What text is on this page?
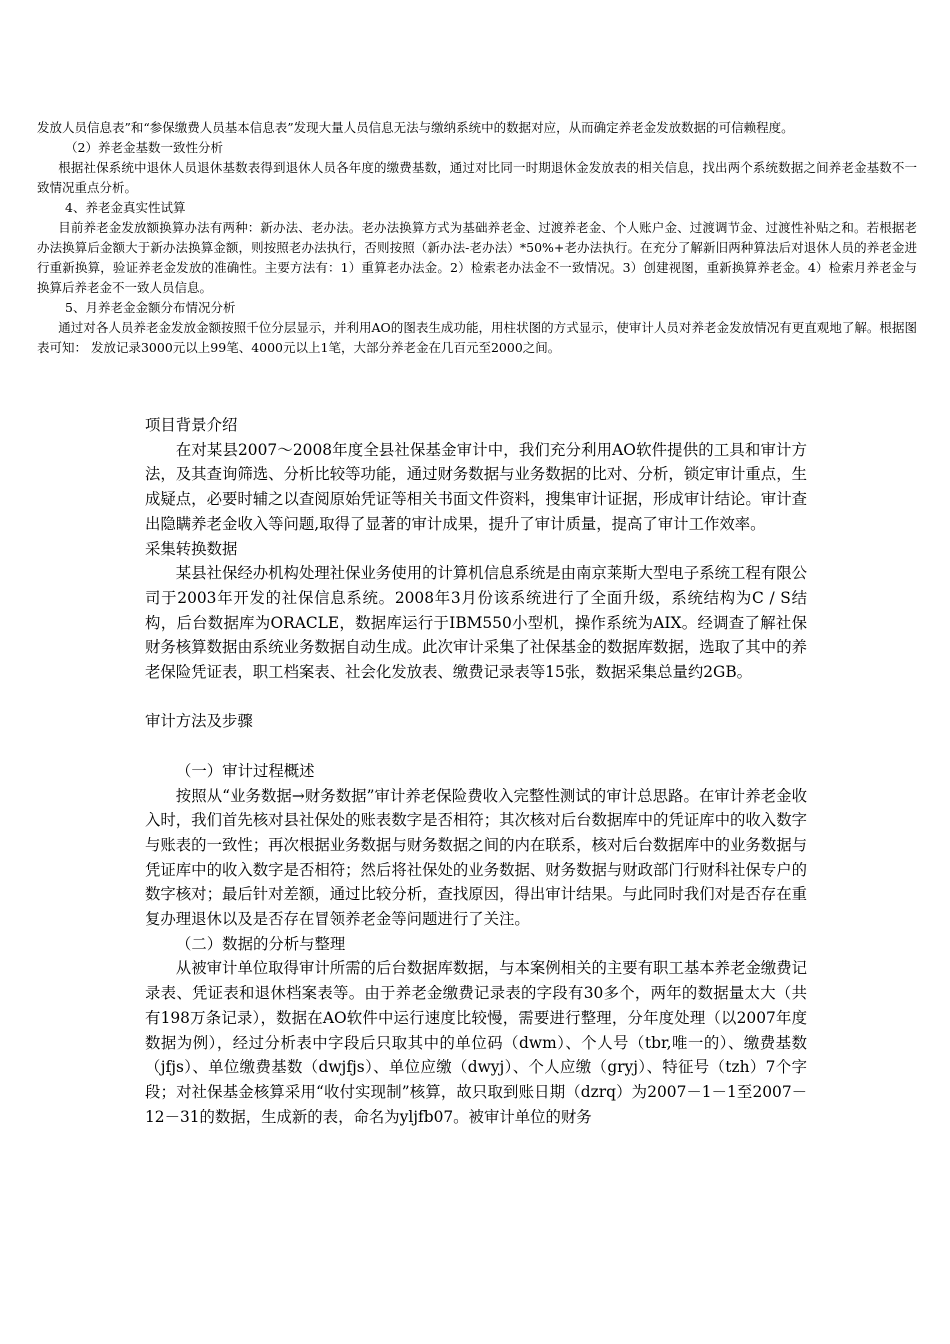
发放人员信息表”和“参保缴费人员基本信息表”发现大量人员信息无法与缴纳系统中的数据对应，从而确定养老金发放数据的可信赖程度。

（2）养老金基数一致性分析

根据社保系统中退休人员退休基数表得到退休人员各年度的缴费基数，通过对比同一时期退休金发放表的相关信息，找出两个系统数据之间养老金基数不一致情况重点分析。

4、养老金真实性试算

目前养老金发放额换算办法有两种：新办法、老办法。老办法换算方式为基础养老金、过渡养老金、个人账户金、过渡调节金、过渡性补贴之和。若根据老办法换算后金额大于新办法换算金额，则按照老办法执行，否则按照（新办法-老办法）*50%+老办法执行。在充分了解新旧两种算法后对退休人员的养老金进行重新换算，验证养老金发放的准确性。主要方法有：1）重算老办法金。2）检索老办法金不一致情况。3）创建视图，重新换算养老金。4）检索月养老金与换算后养老金不一致人员信息。

5、月养老金金额分布情况分析

通过对各人员养老金发放金额按照千位分层显示，并利用AO的图表生成功能，用柱状图的方式显示，使审计人员对养老金发放情况有更直观地了解。根据图表可知： 发放记录3000元以上99笔、4000元以上1笔，大部分养老金在几百元至2000之间。

项目背景介绍

在对某县2007～2008年度全县社保基金审计中，我们充分利用AO软件提供的工具和审计方法，及其查询筛选、分析比较等功能，通过财务数据与业务数据的比对、分析，锁定审计重点，生成疑点，必要时辅之以查阅原始凭证等相关书面文件资料，搜集审计证据，形成审计结论。审计查出隐瞒养老金收入等问题,取得了显著的审计成果，提升了审计质量，提高了审计工作效率。

采集转换数据

某县社保经办机构处理社保业务使用的计算机信息系统是由南京莱斯大型电子系统工程有限公司于2003年开发的社保信息系统。2008年3月份该系统进行了全面升级，系统结构为C / S结构，后台数据库为ORACLE，数据库运行于IBM550小型机，操作系统为AIX。经调查了解社保财务核算数据由系统业务数据自动生成。此次审计采集了社保基金的数据库数据，选取了其中的养老保险凭证表，职工档案表、社会化发放表、缴费记录表等15张，数据采集总量约2GB。

审计方法及步骤

（一）审计过程概述

按照从“业务数据→财务数据”审计养老保险费收入完整性测试的审计总思路。在审计养老金收入时，我们首先核对县社保处的账表数字是否相符；其次核对后台数据库中的凭证库中的收入数字与账表的一致性；再次根据业务数据与财务数据之间的内在联系，核对后台数据库中的业务数据与凭证库中的收入数字是否相符；然后将社保处的业务数据、财务数据与财政部门行财科社保专户的数字核对；最后针对差额，通过比较分析，查找原因，得出审计结果。与此同时我们对是否存在重复办理退休以及是否存在冒领养老金等问题进行了关注。

（二）数据的分析与整理

从被审计单位取得审计所需的后台数据库数据，与本案例相关的主要有职工基本养老金缴费记录表、凭证表和退休档案表等。由于养老金缴费记录表的字段有30多个，两年的数据量太大（共有198万条记录），数据在AO软件中运行速度比较慢，需要进行整理，分年度处理（以2007年度数据为例），经过分析表中字段后只取其中的单位码（dwm）、个人号（tbr,唯一的）、缴费基数（jfjs）、单位缴费基数（dwjfjs）、单位应缴（dwyj）、个人应缴（gryj）、特征号（tzh）7个字段；对社保基金核算采用“收付实现制”核算，故只取到账日期（dzrq）为2007－1－1至2007－12－31的数据，生成新的表，命名为yljfb07。被审计单位的财务
